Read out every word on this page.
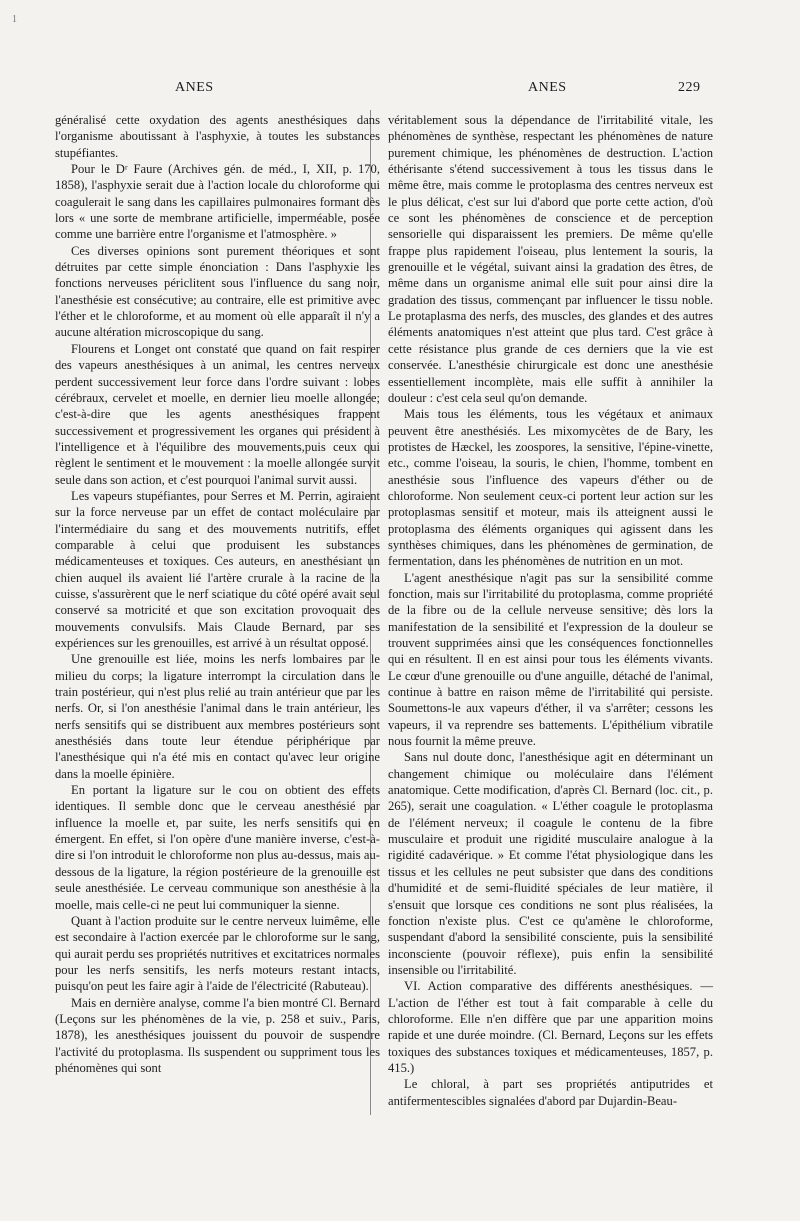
1
ANES	ANES	229

généralisé cette oxydation des agents anesthésiques dans l'organisme aboutissant à l'asphyxie, à toutes les substances stupéfiantes.

Pour le Dʳ Faure (Archives gén. de méd., I, XII, p. 170, 1858), l'asphyxie serait due à l'action locale du chloroforme qui coagulerait le sang dans les capillaires pulmonaires formant dès lors « une sorte de membrane artificielle, imperméable, posée comme une barrière entre l'organisme et l'atmosphère. »

Ces diverses opinions sont purement théoriques et sont détruites par cette simple énonciation : Dans l'asphyxie les fonctions nerveuses périclitent sous l'influence du sang noir, l'anesthésie est consécutive; au contraire, elle est primitive avec l'éther et le chloroforme, et au moment où elle apparaît il n'y a aucune altération microscopique du sang.

Flourens et Longet ont constaté que quand on fait respirer des vapeurs anesthésiques à un animal, les centres nerveux perdent successivement leur force dans l'ordre suivant : lobes cérébraux, cervelet et moelle, en dernier lieu moelle allongée; c'est-à-dire que les agents anesthésiques frappent successivement et progressivement les organes qui président à l'intelligence et à l'équilibre des mouvements,puis ceux qui règlent le sentiment et le mouvement : la moelle allongée survit seule dans son action, et c'est pourquoi l'animal survit aussi.

Les vapeurs stupéfiantes, pour Serres et M. Perrin, agiraient sur la force nerveuse par un effet de contact moléculaire par l'intermédiaire du sang et des mouvements nutritifs, effet comparable à celui que produisent les substances médicamenteuses et toxiques. Ces auteurs, en anesthésiant un chien auquel ils avaient lié l'artère crurale à la racine de la cuisse, s'assurèrent que le nerf sciatique du côté opéré avait seul conservé sa motricité et que son excitation provoquait des mouvements convulsifs. Mais Claude Bernard, par ses expériences sur les grenouilles, est arrivé à un résultat opposé.

Une grenouille est liée, moins les nerfs lombaires par le milieu du corps; la ligature interrompt la circulation dans le train postérieur, qui n'est plus relié au train antérieur que par les nerfs. Or, si l'on anesthésie l'animal dans le train antérieur, les nerfs sensitifs qui se distribuent aux membres postérieurs sont anesthésiés dans toute leur étendue périphérique par l'anesthésique qui n'a été mis en contact qu'avec leur origine dans la moelle épinière.

En portant la ligature sur le cou on obtient des effets identiques. Il semble donc que le cerveau anesthésié par influence la moelle et, par suite, les nerfs sensitifs qui en émergent. En effet, si l'on opère d'une manière inverse, c'est-à-dire si l'on introduit le chloroforme non plus au-dessus, mais au-dessous de la ligature, la région postérieure de la grenouille est seule anesthésiée. Le cerveau communique son anesthésie à la moelle, mais celle-ci ne peut lui communiquer la sienne.

Quant à l'action produite sur le centre nerveux luimême, elle est secondaire à l'action exercée par le chloroforme sur le sang, qui aurait perdu ses propriétés nutritives et excitatrices normales pour les nerfs sensitifs, les nerfs moteurs restant intacts, puisqu'on peut les faire agir à l'aide de l'électricité (Rabuteau).

Mais en dernière analyse, comme l'a bien montré Cl. Bernard (Leçons sur les phénomènes de la vie, p. 258 et suiv., Paris, 1878), les anesthésiques jouissent du pouvoir de suspendre l'activité du protoplasma. Ils suspendent ou suppriment tous les phénomènes qui sont

véritablement sous la dépendance de l'irritabilité vitale, les phénomènes de synthèse, respectant les phénomènes de nature purement chimique, les phénomènes de destruction. L'action éthérisante s'étend successivement à tous les tissus dans le même être, mais comme le protoplasma des centres nerveux est le plus délicat, c'est sur lui d'abord que porte cette action, d'où ce sont les phénomènes de conscience et de perception sensorielle qui disparaissent les premiers. De même qu'elle frappe plus rapidement l'oiseau, plus lentement la souris, la grenouille et le végétal, suivant ainsi la gradation des êtres, de même dans un organisme animal elle suit pour ainsi dire la gradation des tissus, commençant par influencer le tissu noble. Le protaplasma des nerfs, des muscles, des glandes et des autres éléments anatomiques n'est atteint que plus tard. C'est grâce à cette résistance plus grande de ces derniers que la vie est conservée. L'anesthésie chirurgicale est donc une anesthésie essentiellement incomplète, mais elle suffit à annihiler la douleur : c'est cela seul qu'on demande.

Mais tous les éléments, tous les végétaux et animaux peuvent être anesthésiés. Les mixomycètes de de Bary, les protistes de Hæckel, les zoospores, la sensitive, l'épine-vinette, etc., comme l'oiseau, la souris, le chien, l'homme, tombent en anesthésie sous l'influence des vapeurs d'éther ou de chloroforme. Non seulement ceux-ci portent leur action sur les protoplasmas sensitif et moteur, mais ils atteignent aussi le protoplasma des éléments organiques qui agissent dans les synthèses chimiques, dans les phénomènes de germination, de fermentation, dans les phénomènes de nutrition en un mot.

L'agent anesthésique n'agit pas sur la sensibilité comme fonction, mais sur l'irritabilité du protoplasma, comme propriété de la fibre ou de la cellule nerveuse sensitive; dès lors la manifestation de la sensibilité et l'expression de la douleur se trouvent supprimées ainsi que les conséquences fonctionnelles qui en résultent. Il en est ainsi pour tous les éléments vivants. Le cœur d'une grenouille ou d'une anguille, détaché de l'animal, continue à battre en raison même de l'irritabilité qui persiste. Soumettons-le aux vapeurs d'éther, il va s'arrêter; cessons les vapeurs, il va reprendre ses battements. L'épithélium vibratile nous fournit la même preuve.

Sans nul doute donc, l'anesthésique agit en déterminant un changement chimique ou moléculaire dans l'élément anatomique. Cette modification, d'après Cl. Bernard (loc. cit., p. 265), serait une coagulation. « L'éther coagule le protoplasma de l'élément nerveux; il coagule le contenu de la fibre musculaire et produit une rigidité musculaire analogue à la rigidité cadavérique. » Et comme l'état physiologique dans les tissus et les cellules ne peut subsister que dans des conditions d'humidité et de semi-fluidité spéciales de leur matière, il s'ensuit que lorsque ces conditions ne sont plus réalisées, la fonction n'existe plus. C'est ce qu'amène le chloroforme, suspendant d'abord la sensibilité consciente, puis la sensibilité inconsciente (pouvoir réflexe), puis enfin la sensibilité insensible ou l'irritabilité.

VI. Action comparative des différents anesthésiques. — L'action de l'éther est tout à fait comparable à celle du chloroforme. Elle n'en diffère que par une apparition moins rapide et une durée moindre. (Cl. Bernard, Leçons sur les effets toxiques des substances toxiques et médicamenteuses, 1857, p. 415.)

Le chloral, à part ses propriétés antiputrides et antifermentescibles signalées d'abord par Dujardin-Beau-
